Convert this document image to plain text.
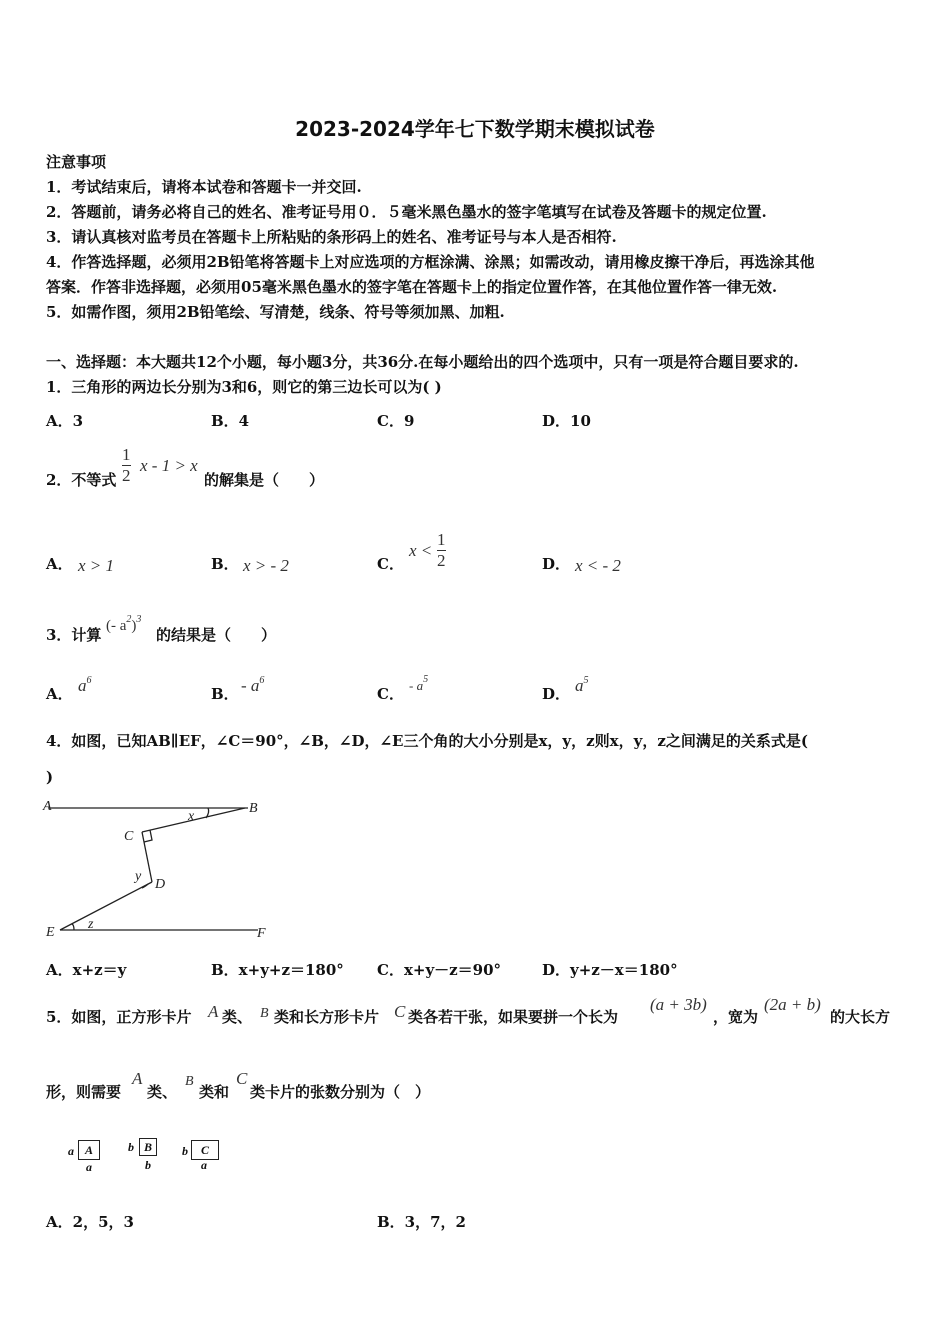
2023-2024学年七下数学期末模拟试卷
注意事项
1．考试结束后，请将本试卷和答题卡一并交回.
2．答题前，请务必将自己的姓名、准考证号用０．５毫米黑色墨水的签字笔填写在试卷及答题卡的规定位置.
3．请认真核对监考员在答题卡上所粘贴的条形码上的姓名、准考证号与本人是否相符.
4．作答选择题，必须用2B铅笔将答题卡上对应选项的方框涂满、涂黑；如需改动，请用橡皮擦干净后，再选涂其他
答案．作答非选择题，必须用05毫米黑色墨水的签字笔在答题卡上的指定位置作答，在其他位置作答一律无效.
5．如需作图，须用2B铅笔绘、写清楚，线条、符号等须加黑、加粗.
一、选择题：本大题共12个小题，每小题3分，共36分.在每小题给出的四个选项中，只有一项是符合题目要求的.
1．三角形的两边长分别为3和6，则它的第三边长可以为( )
A．3	B．4	C．9	D．10
2．不等式
1
2
x - 1 > x
的解集是（　　）
A． x > 1	B． x > - 2	C．
x <
1
2	D． x < - 2
3．计算 (- $a^2)^3$
的结果是（　　）
A． $a^6$
B． - $a^6$
C． - $a^5$
D． $a^5$
4．如图，已知AB∥EF，∠C＝90°，∠B，∠D，∠E三个角的大小分别是x，y，z则x，y，z之间满足的关系式是(
)
A	B
C
D
E	F
x
y
z
A．x+z＝y	B．x+y+z＝180° C．x+y－z＝90°	D．y+z－x＝180°
5．如图，正方形卡片 A 类、 B 类和长方形卡片 C 类各若干张，如果要拼一个长为
(a + 3b)
，宽为
(2a + b)
的大长方
形，则需要
A
类、
B
类和
C
类卡片的张数分别为（　）
a A
a
b B
b
b	C
a
A．2，5，3	B．3，7，2
